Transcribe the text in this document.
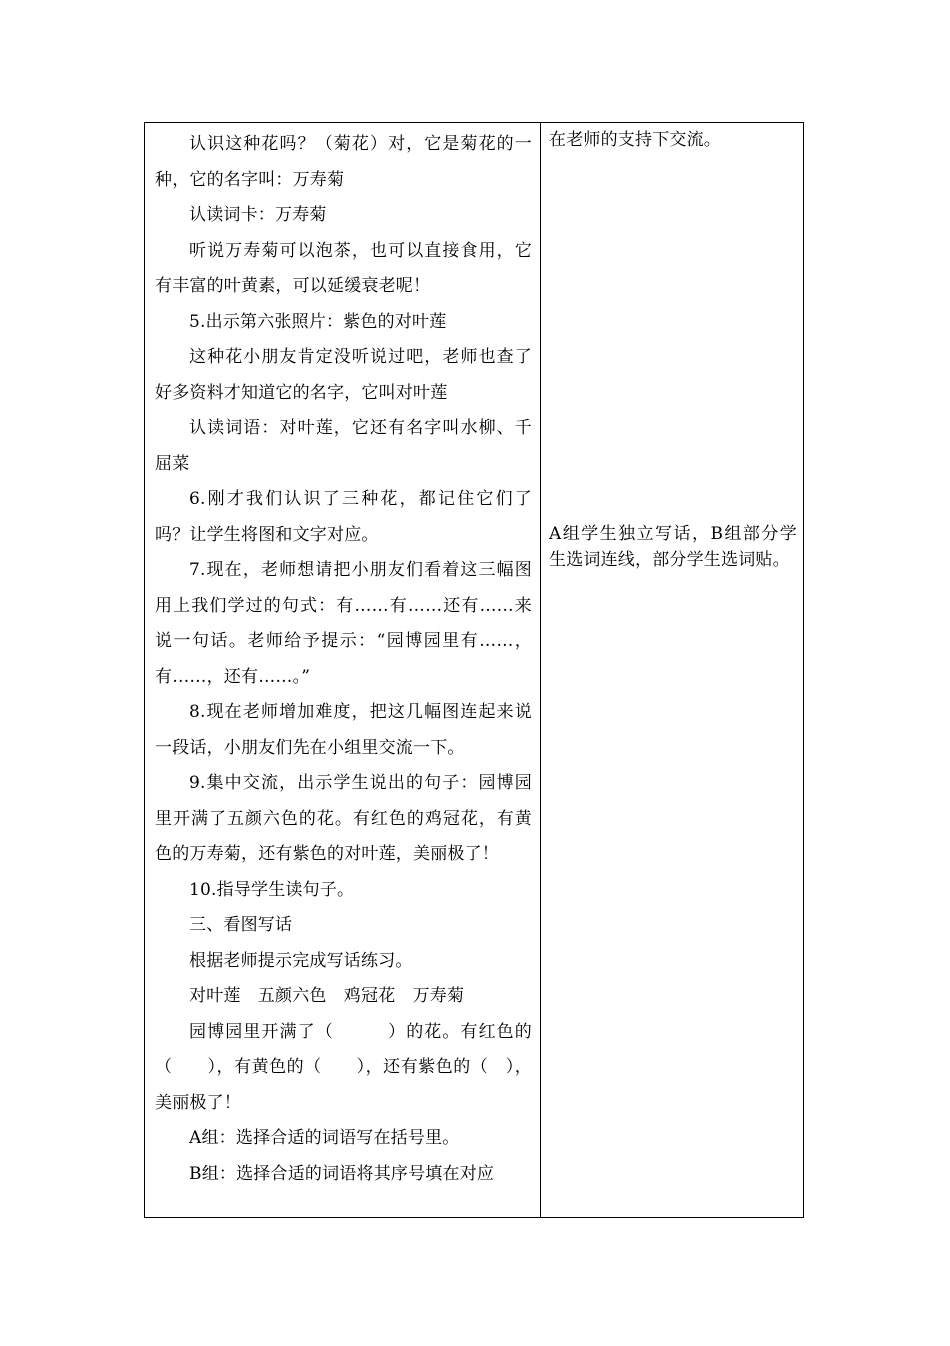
认识这种花吗？（菊花）对，它是菊花的一种，它的名字叫：万寿菊

认读词卡：万寿菊

听说万寿菊可以泡茶，也可以直接食用，它有丰富的叶黄素，可以延缓衰老呢！

5.出示第六张照片：紫色的对叶莲

这种花小朋友肯定没听说过吧，老师也查了好多资料才知道它的名字，它叫对叶莲

认读词语：对叶莲，它还有名字叫水柳、千屈菜

6.刚才我们认识了三种花，都记住它们了吗？让学生将图和文字对应。

7.现在，老师想请把小朋友们看着这三幅图用上我们学过的句式：有……有……还有……来说一句话。老师给予提示：“园博园里有……，有……，还有……。”

8.现在老师增加难度，把这几幅图连起来说一段话，小朋友们先在小组里交流一下。

9.集中交流，出示学生说出的句子：园博园里开满了五颜六色的花。有红色的鸡冠花，有黄色的万寿菊，还有紫色的对叶莲，美丽极了！

10.指导学生读句子。

三、看图写话

根据老师提示完成写话练习。

对叶莲　五颜六色　鸡冠花　万寿菊

园博园里开满了（　　　）的花。有红色的（　　），有黄色的（　　），还有紫色的（　），美丽极了！

A组：选择合适的词语写在括号里。

B组：选择合适的词语将其序号填在对应

在老师的支持下交流。

A组学生独立写话，B组部分学生选词连线，部分学生选词贴。
